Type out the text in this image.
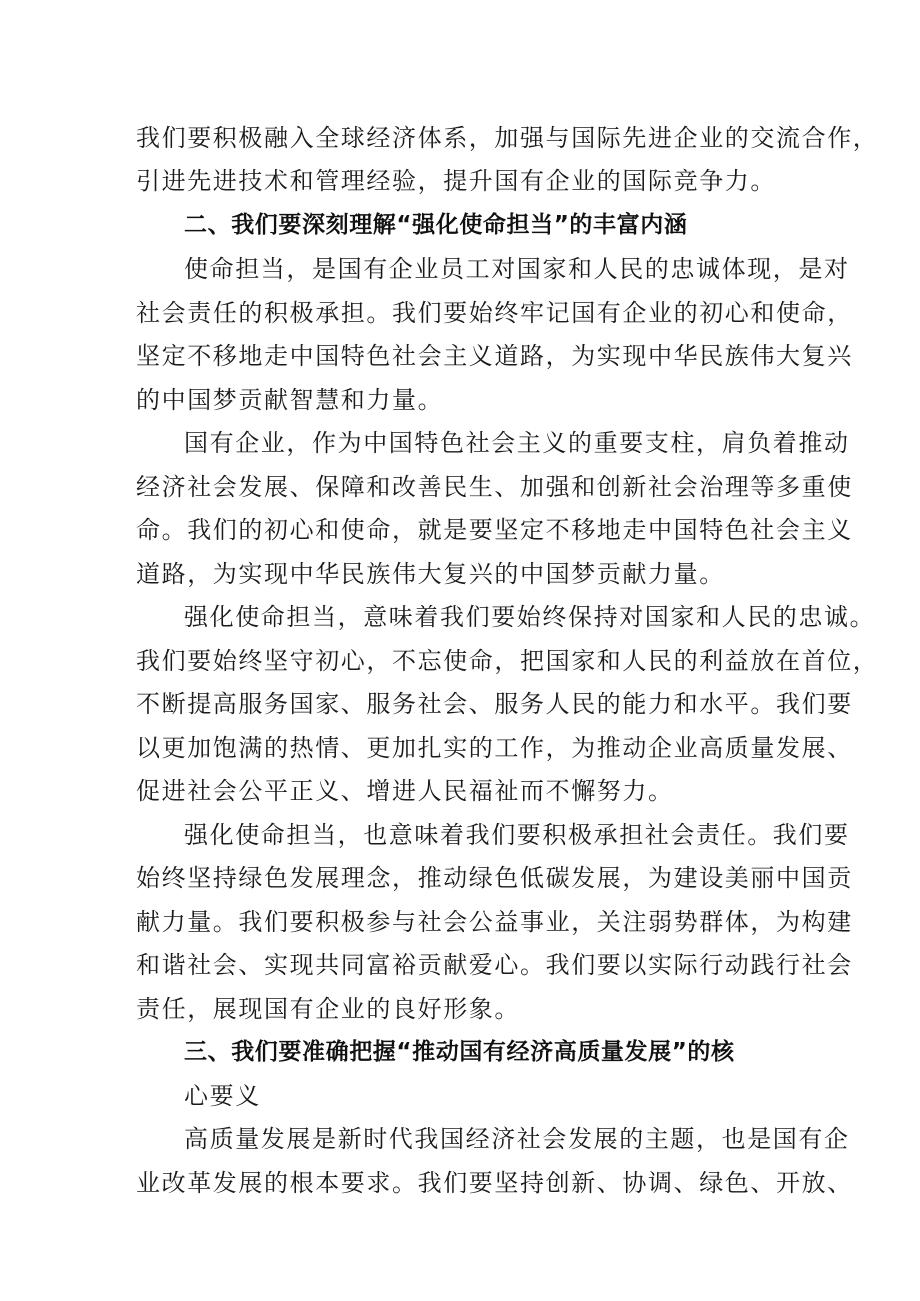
我们要积极融入全球经济体系，加强与国际先进企业的交流合作，
引进先进技术和管理经验，提升国有企业的国际竞争力。
二、我们要深刻理解“强化使命担当”的丰富内涵
使命担当，是国有企业员工对国家和人民的忠诚体现，是对
社会责任的积极承担。我们要始终牢记国有企业的初心和使命，
坚定不移地走中国特色社会主义道路，为实现中华民族伟大复兴
的中国梦贡献智慧和力量。
国有企业，作为中国特色社会主义的重要支柱，肩负着推动
经济社会发展、保障和改善民生、加强和创新社会治理等多重使
命。我们的初心和使命，就是要坚定不移地走中国特色社会主义
道路，为实现中华民族伟大复兴的中国梦贡献力量。
强化使命担当，意味着我们要始终保持对国家和人民的忠诚。
我们要始终坚守初心，不忘使命，把国家和人民的利益放在首位，
不断提高服务国家、服务社会、服务人民的能力和水平。我们要
以更加饱满的热情、更加扎实的工作，为推动企业高质量发展、
促进社会公平正义、增进人民福祉而不懈努力。
强化使命担当，也意味着我们要积极承担社会责任。我们要
始终坚持绿色发展理念，推动绿色低碳发展，为建设美丽中国贡
献力量。我们要积极参与社会公益事业，关注弱势群体，为构建
和谐社会、实现共同富裕贡献爱心。我们要以实际行动践行社会
责任，展现国有企业的良好形象。
三、我们要准确把握“推动国有经济高质量发展”的核
心要义
高质量发展是新时代我国经济社会发展的主题，也是国有企
业改革发展的根本要求。我们要坚持创新、协调、绿色、开放、
